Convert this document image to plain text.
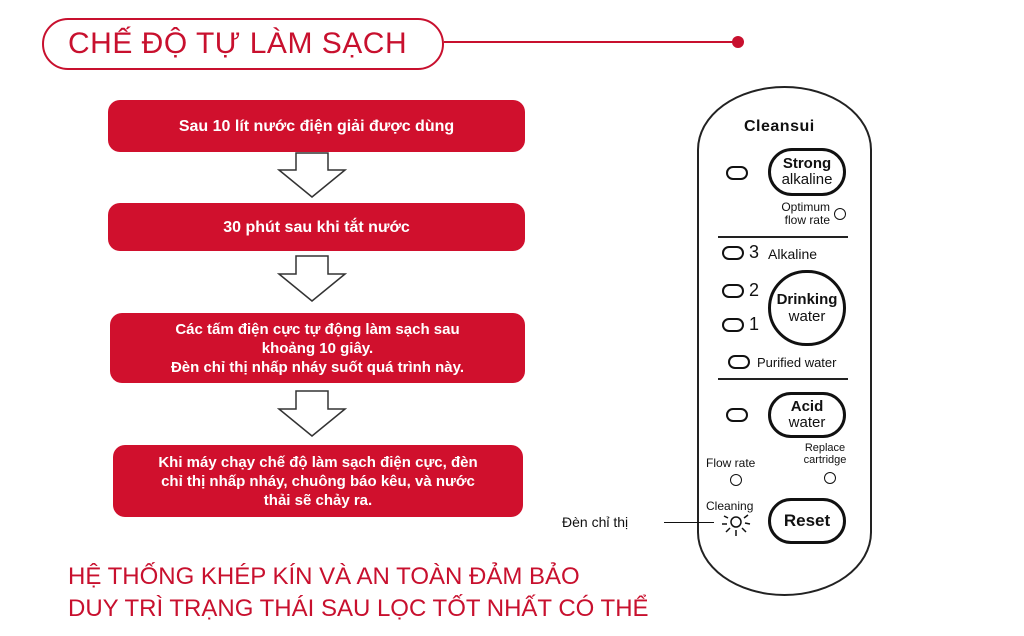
CHẾ ĐỘ TỰ LÀM SẠCH
Sau 10 lít nước điện giải được dùng
30 phút sau khi tắt nước
Các tấm điện cực tự động làm sạch sau
khoảng 10 giây.
Đèn chỉ thị nhấp nháy suốt quá trình này.
Khi máy chạy chế độ làm sạch điện cực, đèn
chỉ thị nhấp nháy, chuông báo kêu, và nước
thải sẽ chảy ra.
HỆ THỐNG KHÉP KÍN VÀ AN TOÀN ĐẢM BẢO
DUY TRÌ TRẠNG THÁI SAU LỌC TỐT NHẤT CÓ THỂ
Cleansui
Strong
alkaline
Optimum
flow rate
3 Alkaline
2
1
Drinking
water
Purified water
Acid
water
Flow rate
Replace
cartridge
Cleaning
Reset
Đèn chỉ thị
